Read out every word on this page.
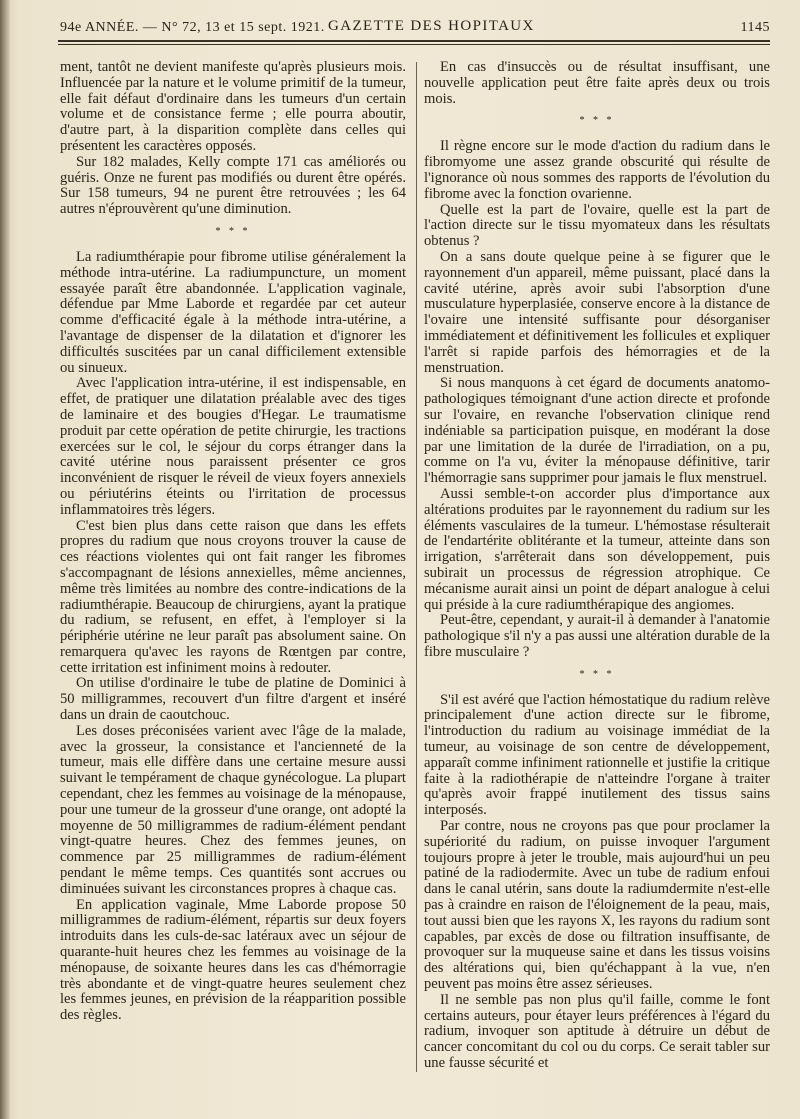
94e ANNÉE. — N° 72, 13 et 15 sept. 1921. GAZETTE DES HOPITAUX	1145

ment, tantôt ne devient manifeste qu'après plusieurs mois. Influencée par la nature et le volume primitif de la tumeur, elle fait défaut d'ordinaire dans les tumeurs d'un certain volume et de consistance ferme ; elle pourra aboutir, d'autre part, à la disparition complète dans celles qui présentent les caractères opposés.

Sur 182 malades, Kelly compte 171 cas améliorés ou guéris. Onze ne furent pas modifiés ou durent être opérés. Sur 158 tumeurs, 94 ne purent être retrouvées ; les 64 autres n'éprouvèrent qu'une diminution.

* * *

La radiumthérapie pour fibrome utilise généralement la méthode intra-utérine. La radiumpuncture, un moment essayée paraît être abandonnée. L'application vaginale, défendue par Mme Laborde et regardée par cet auteur comme d'efficacité égale à la méthode intra-utérine, a l'avantage de dispenser de la dilatation et d'ignorer les difficultés suscitées par un canal difficilement extensible ou sinueux.

Avec l'application intra-utérine, il est indispensable, en effet, de pratiquer une dilatation préalable avec des tiges de laminaire et des bougies d'Hegar. Le traumatisme produit par cette opération de petite chirurgie, les tractions exercées sur le col, le séjour du corps étranger dans la cavité utérine nous paraissent présenter ce gros inconvénient de risquer le réveil de vieux foyers annexiels ou périutérins éteints ou l'irritation de processus inflammatoires très légers.

C'est bien plus dans cette raison que dans les effets propres du radium que nous croyons trouver la cause de ces réactions violentes qui ont fait ranger les fibromes s'accompagnant de lésions annexielles, même anciennes, même très limitées au nombre des contre-indications de la radiumthérapie. Beaucoup de chirurgiens, ayant la pratique du radium, se refusent, en effet, à l'employer si la périphérie utérine ne leur paraît pas absolument saine. On remarquera qu'avec les rayons de Rœntgen par contre, cette irritation est infiniment moins à redouter.

On utilise d'ordinaire le tube de platine de Dominici à 50 milligrammes, recouvert d'un filtre d'argent et inséré dans un drain de caoutchouc.

Les doses préconisées varient avec l'âge de la malade, avec la grosseur, la consistance et l'ancienneté de la tumeur, mais elle diffère dans une certaine mesure aussi suivant le tempérament de chaque gynécologue. La plupart cependant, chez les femmes au voisinage de la ménopause, pour une tumeur de la grosseur d'une orange, ont adopté la moyenne de 50 milligrammes de radium-élément pendant vingt-quatre heures. Chez des femmes jeunes, on commence par 25 milligrammes de radium-élément pendant le même temps. Ces quantités sont accrues ou diminuées suivant les circonstances propres à chaque cas.

En application vaginale, Mme Laborde propose 50 milligrammes de radium-élément, répartis sur deux foyers introduits dans les culs-de-sac latéraux avec un séjour de quarante-huit heures chez les femmes au voisinage de la ménopause, de soixante heures dans les cas d'hémorragie très abondante et de vingt-quatre heures seulement chez les femmes jeunes, en prévision de la réapparition possible des règles.

En cas d'insuccès ou de résultat insuffisant, une nouvelle application peut être faite après deux ou trois mois.

* * *

Il règne encore sur le mode d'action du radium dans le fibromyome une assez grande obscurité qui résulte de l'ignorance où nous sommes des rapports de l'évolution du fibrome avec la fonction ovarienne.

Quelle est la part de l'ovaire, quelle est la part de l'action directe sur le tissu myomateux dans les résultats obtenus ?

On a sans doute quelque peine à se figurer que le rayonnement d'un appareil, même puissant, placé dans la cavité utérine, après avoir subi l'absorption d'une musculature hyperplasiée, conserve encore à la distance de l'ovaire une intensité suffisante pour désorganiser immédiatement et définitivement les follicules et expliquer l'arrêt si rapide parfois des hémorragies et de la menstruation.

Si nous manquons à cet égard de documents anatomo-pathologiques témoignant d'une action directe et profonde sur l'ovaire, en revanche l'observation clinique rend indéniable sa participation puisque, en modérant la dose par une limitation de la durée de l'irradiation, on a pu, comme on l'a vu, éviter la ménopause définitive, tarir l'hémorragie sans supprimer pour jamais le flux menstruel.

Aussi semble-t-on accorder plus d'importance aux altérations produites par le rayonnement du radium sur les éléments vasculaires de la tumeur. L'hémostase résulterait de l'endartérite oblitérante et la tumeur, atteinte dans son irrigation, s'arrêterait dans son développement, puis subirait un processus de régression atrophique. Ce mécanisme aurait ainsi un point de départ analogue à celui qui préside à la cure radiumthérapique des angiomes.

Peut-être, cependant, y aurait-il à demander à l'anatomie pathologique s'il n'y a pas aussi une altération durable de la fibre musculaire ?

* * *

S'il est avéré que l'action hémostatique du radium relève principalement d'une action directe sur le fibrome, l'introduction du radium au voisinage immédiat de la tumeur, au voisinage de son centre de développement, apparaît comme infiniment rationnelle et justifie la critique faite à la radiothérapie de n'atteindre l'organe à traiter qu'après avoir frappé inutilement des tissus sains interposés.

Par contre, nous ne croyons pas que pour proclamer la supériorité du radium, on puisse invoquer l'argument toujours propre à jeter le trouble, mais aujourd'hui un peu patiné de la radiodermite. Avec un tube de radium enfoui dans le canal utérin, sans doute la radiumdermite n'est-elle pas à craindre en raison de l'éloignement de la peau, mais, tout aussi bien que les rayons X, les rayons du radium sont capables, par excès de dose ou filtration insuffisante, de provoquer sur la muqueuse saine et dans les tissus voisins des altérations qui, bien qu'échappant à la vue, n'en peuvent pas moins être assez sérieuses.

Il ne semble pas non plus qu'il faille, comme le font certains auteurs, pour étayer leurs préférences à l'égard du radium, invoquer son aptitude à détruire un début de cancer concomitant du col ou du corps. Ce serait tabler sur une fausse sécurité et
